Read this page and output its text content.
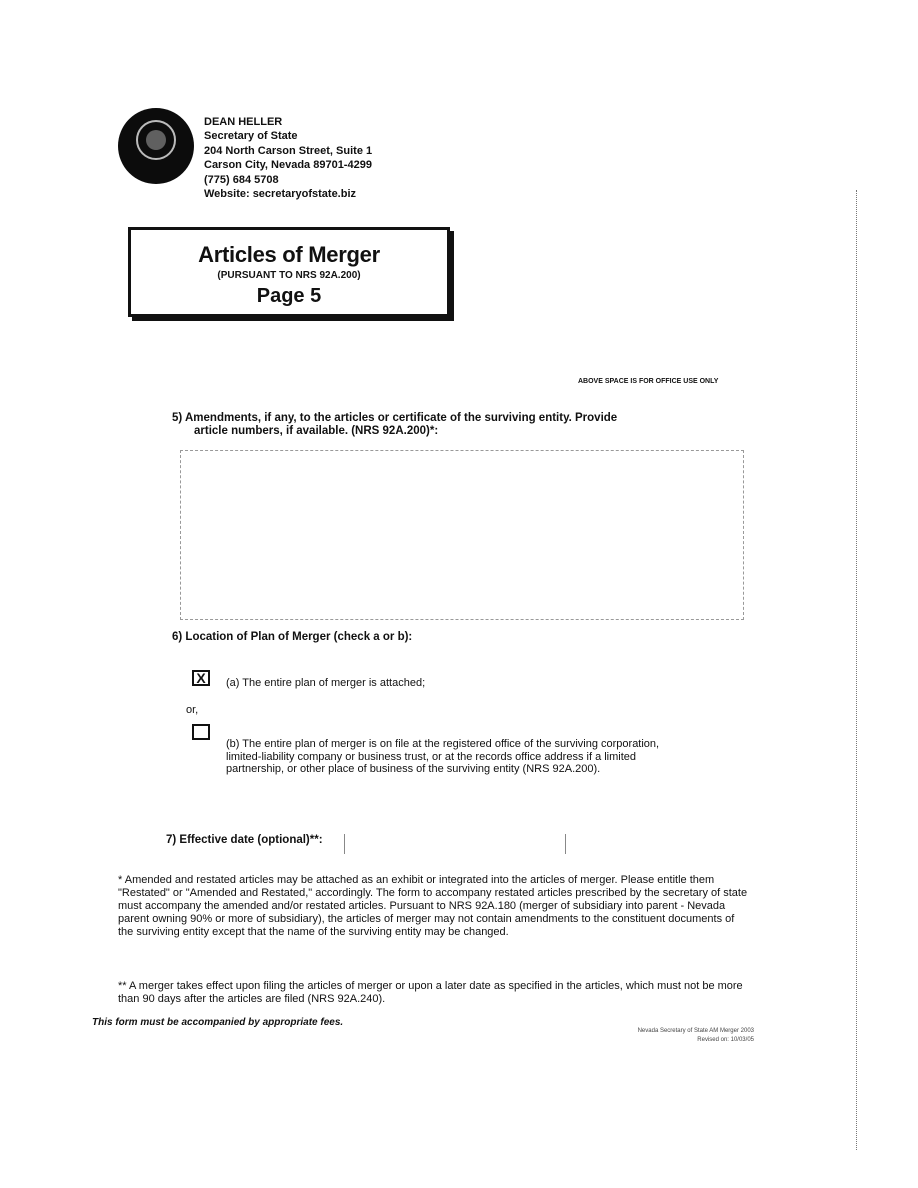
DEAN HELLER
Secretary of State
204 North Carson Street, Suite 1
Carson City, Nevada 89701-4299
(775) 684 5708
Website: secretaryofstate.biz
Articles of Merger
(PURSUANT TO NRS 92A.200)
Page 5
ABOVE SPACE IS FOR OFFICE USE ONLY
5) Amendments, if any, to the articles or certificate of the surviving entity. Provide
article numbers, if available. (NRS 92A.200)*:
6) Location of Plan of Merger (check a or b):
X	(a) The entire plan of merger is attached;
or,
(b) The entire plan of merger is on file at the registered office of the surviving corporation, limited-liability company or business trust, or at the records office address if a limited partnership, or other place of business of the surviving entity (NRS 92A.200).
7) Effective date (optional)**:
* Amended and restated articles may be attached as an exhibit or integrated into the articles of merger. Please entitle them "Restated" or "Amended and Restated," accordingly. The form to accompany restated articles prescribed by the secretary of state must accompany the amended and/or restated articles. Pursuant to NRS 92A.180 (merger of subsidiary into parent - Nevada parent owning 90% or more of subsidiary), the articles of merger may not contain amendments to the constituent documents of the surviving entity except that the name of the surviving entity may be changed.
** A merger takes effect upon filing the articles of merger or upon a later date as specified in the articles, which must not be more than 90 days after the articles are filed (NRS 92A.240).
This form must be accompanied by appropriate fees.
Nevada Secretary of State AM Merger 2003
Revised on: 10/03/05
